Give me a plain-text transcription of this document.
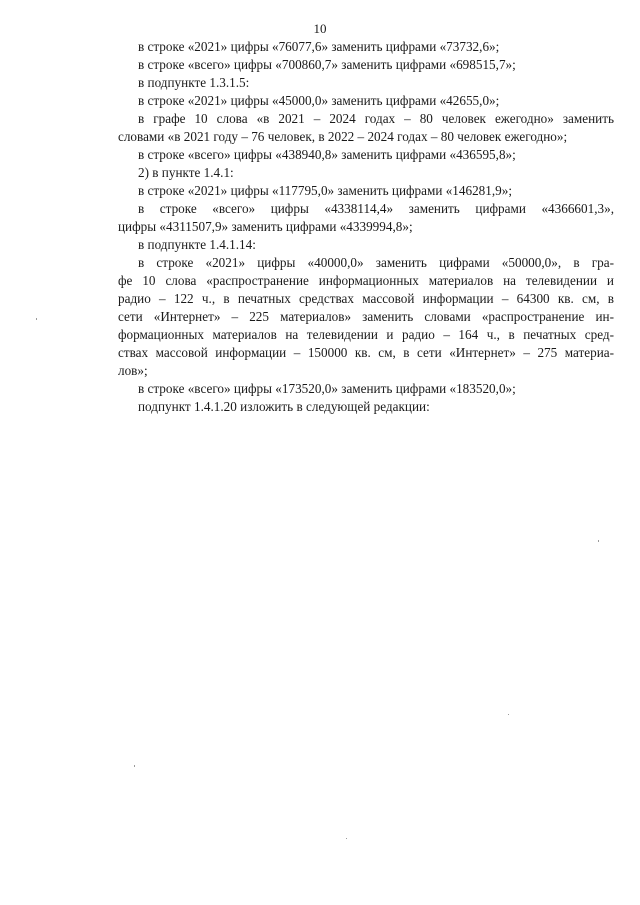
10
в строке «2021» цифры «76077,6» заменить цифрами «73732,6»;
в строке «всего» цифры «700860,7» заменить цифрами «698515,7»;
в подпункте 1.3.1.5:
в строке «2021» цифры «45000,0» заменить цифрами «42655,0»;
в графе 10 слова «в 2021 – 2024 годах – 80 человек ежегодно» заменить
словами «в 2021 году – 76 человек, в 2022 – 2024 годах – 80 человек ежегодно»;
в строке «всего» цифры «438940,8» заменить цифрами «436595,8»;
2) в пункте 1.4.1:
в строке «2021» цифры «117795,0» заменить цифрами «146281,9»;
в строке «всего» цифры «4338114,4» заменить цифрами «4366601,3»,
цифры «4311507,9» заменить цифрами «4339994,8»;
в подпункте 1.4.1.14:
в строке «2021» цифры «40000,0» заменить цифрами «50000,0», в гра-
фе 10 слова «распространение информационных материалов на телевидении и
радио – 122 ч., в печатных средствах массовой информации – 64300 кв. см, в
сети «Интернет» – 225 материалов» заменить словами «распространение ин-
формационных материалов на телевидении и радио – 164 ч., в печатных сред-
ствах массовой информации – 150000 кв. см, в сети «Интернет» – 275 материа-
лов»;
в строке «всего» цифры «173520,0» заменить цифрами «183520,0»;
подпункт 1.4.1.20 изложить в следующей редакции:
